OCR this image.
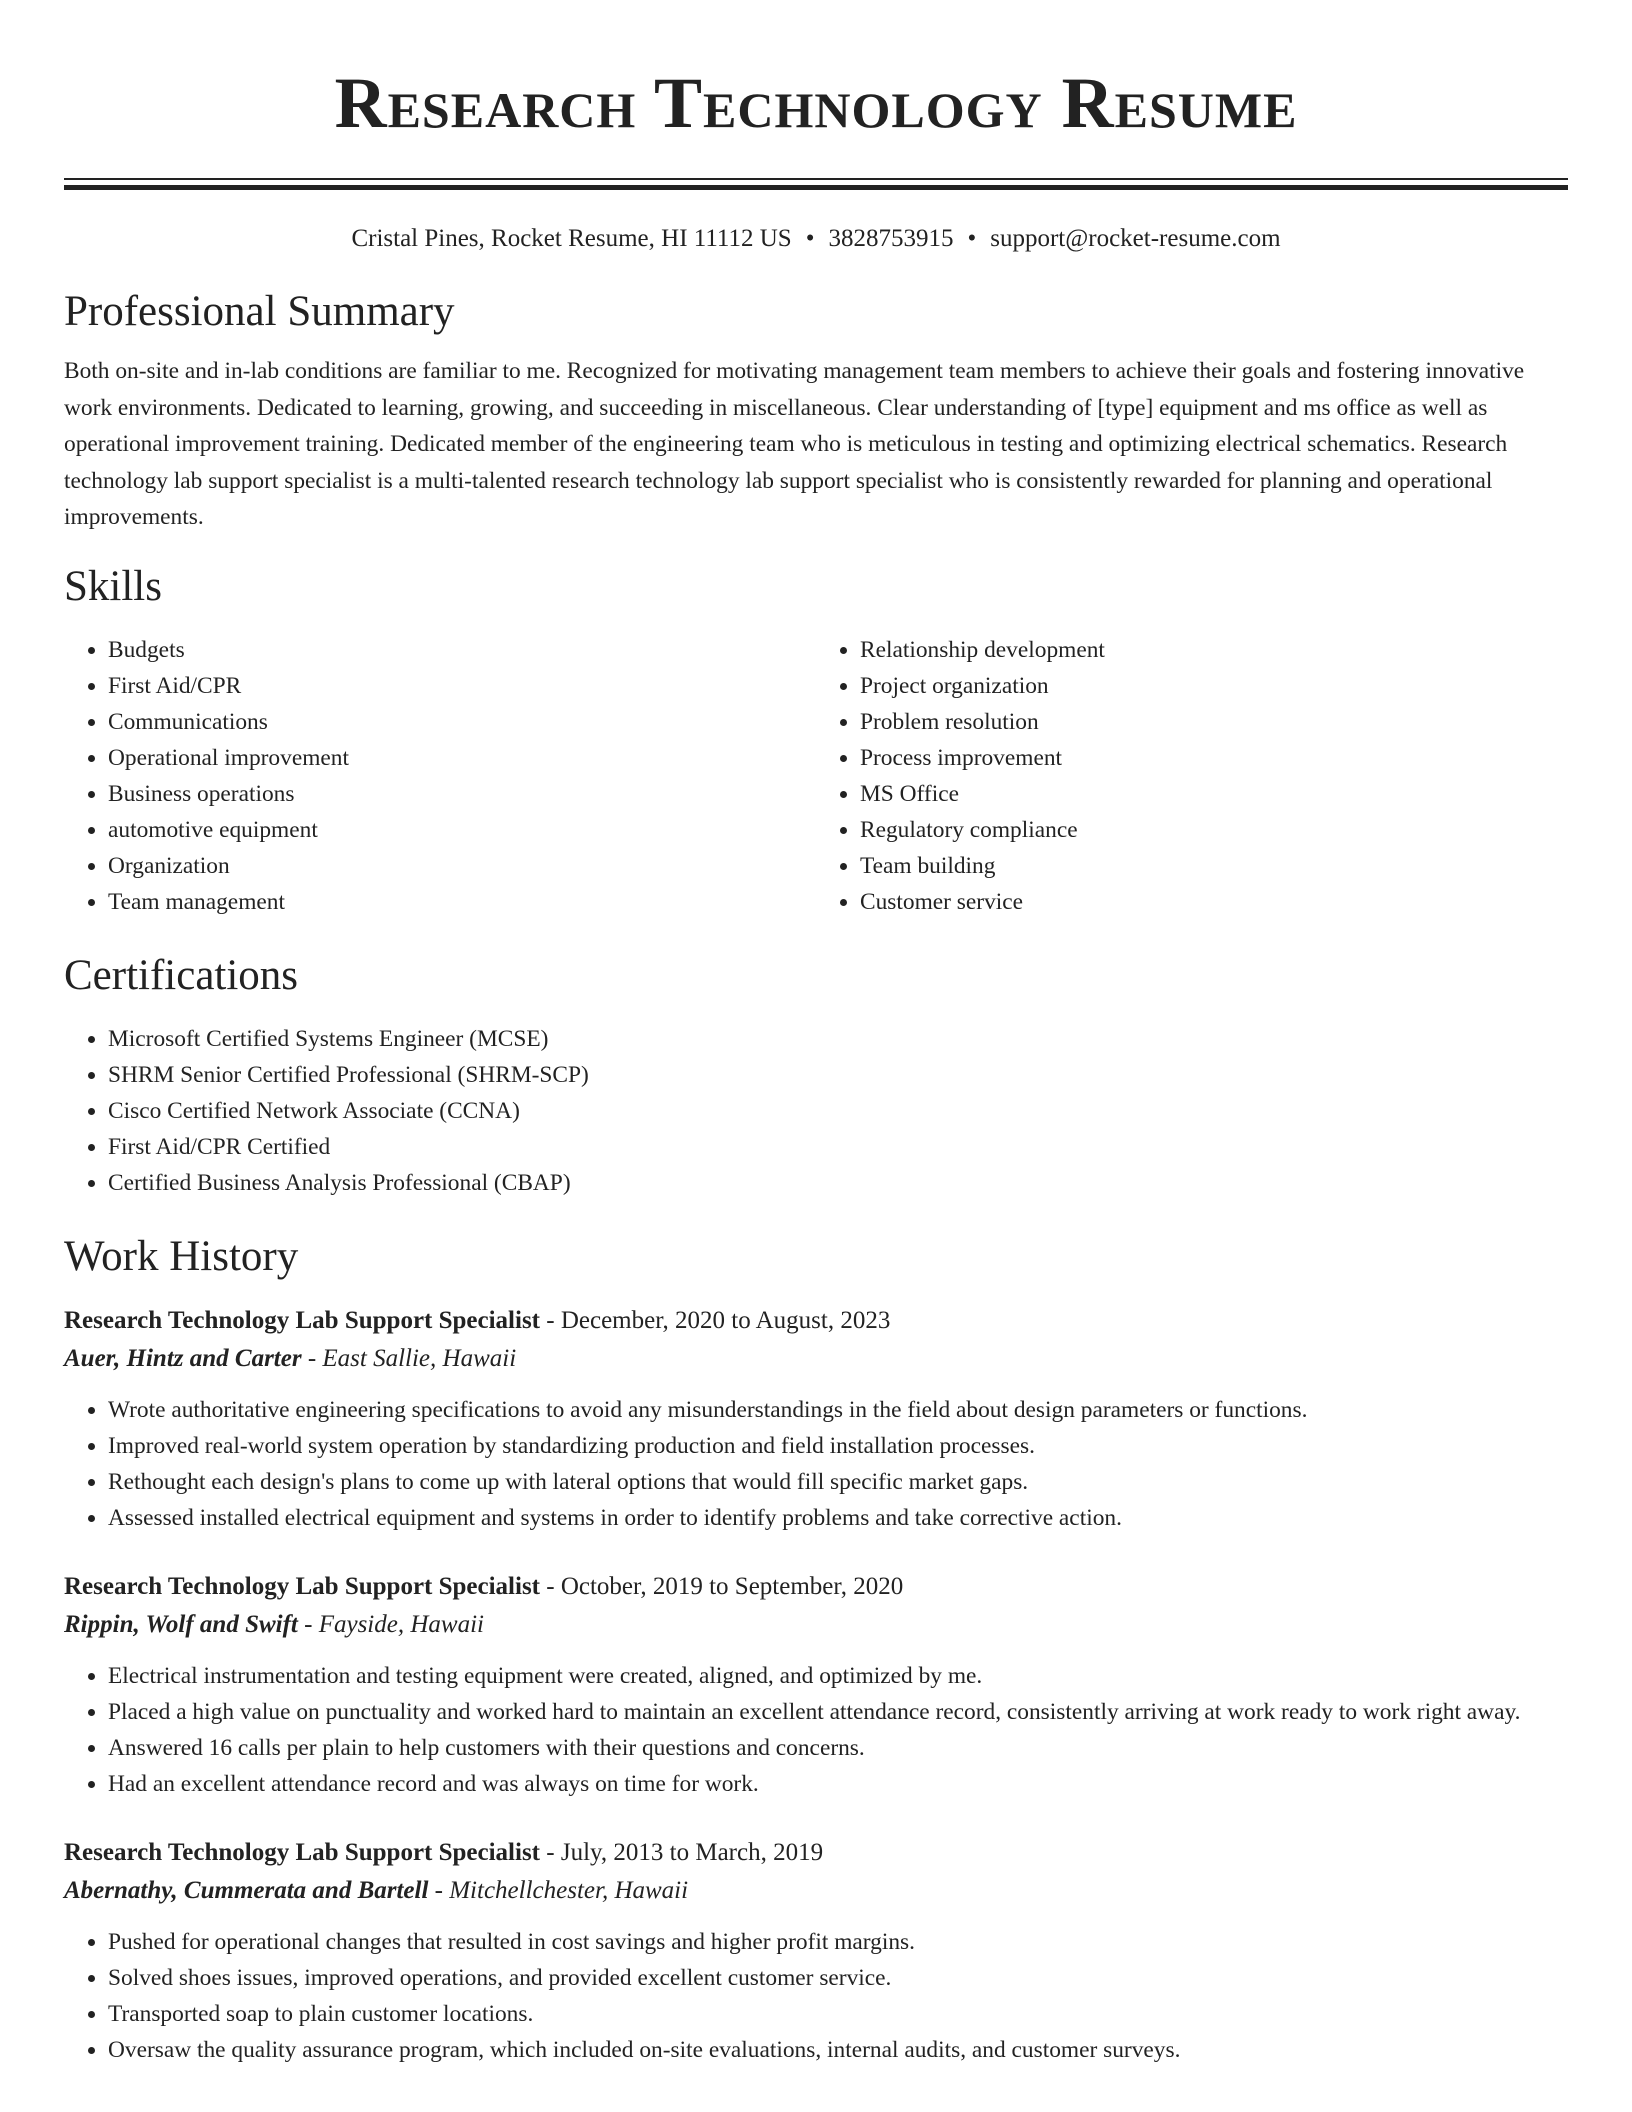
Research Technology Resume
Cristal Pines, Rocket Resume, HI 11112 US • 3828753915 • support@rocket-resume.com
Professional Summary

Both on-site and in-lab conditions are familiar to me. Recognized for motivating management team members to achieve their goals and fostering innovative work environments. Dedicated to learning, growing, and succeeding in miscellaneous. Clear understanding of [type] equipment and ms office as well as operational improvement training. Dedicated member of the engineering team who is meticulous in testing and optimizing electrical schematics. Research technology lab support specialist is a multi-talented research technology lab support specialist who is consistently rewarded for planning and operational improvements.

Skills
• Budgets
• First Aid/CPR
• Communications
• Operational improvement
• Business operations
• automotive equipment
• Organization
• Team management
• Relationship development
• Project organization
• Problem resolution
• Process improvement
• MS Office
• Regulatory compliance
• Team building
• Customer service
Certifications
• Microsoft Certified Systems Engineer (MCSE)
• SHRM Senior Certified Professional (SHRM-SCP)
• Cisco Certified Network Associate (CCNA)
• First Aid/CPR Certified
• Certified Business Analysis Professional (CBAP)
Work History
Research Technology Lab Support Specialist - December, 2020 to August, 2023
Auer, Hintz and Carter - East Sallie, Hawaii
• Wrote authoritative engineering specifications to avoid any misunderstandings in the field about design parameters or functions.
• Improved real-world system operation by standardizing production and field installation processes.
• Rethought each design's plans to come up with lateral options that would fill specific market gaps.
• Assessed installed electrical equipment and systems in order to identify problems and take corrective action.
Research Technology Lab Support Specialist - October, 2019 to September, 2020
Rippin, Wolf and Swift - Fayside, Hawaii
• Electrical instrumentation and testing equipment were created, aligned, and optimized by me.
• Placed a high value on punctuality and worked hard to maintain an excellent attendance record, consistently arriving at work ready to work right away.
• Answered 16 calls per plain to help customers with their questions and concerns.
• Had an excellent attendance record and was always on time for work.
Research Technology Lab Support Specialist - July, 2013 to March, 2019
Abernathy, Cummerata and Bartell - Mitchellchester, Hawaii
• Pushed for operational changes that resulted in cost savings and higher profit margins.
• Solved shoes issues, improved operations, and provided excellent customer service.
• Transported soap to plain customer locations.
• Oversaw the quality assurance program, which included on-site evaluations, internal audits, and customer surveys.
